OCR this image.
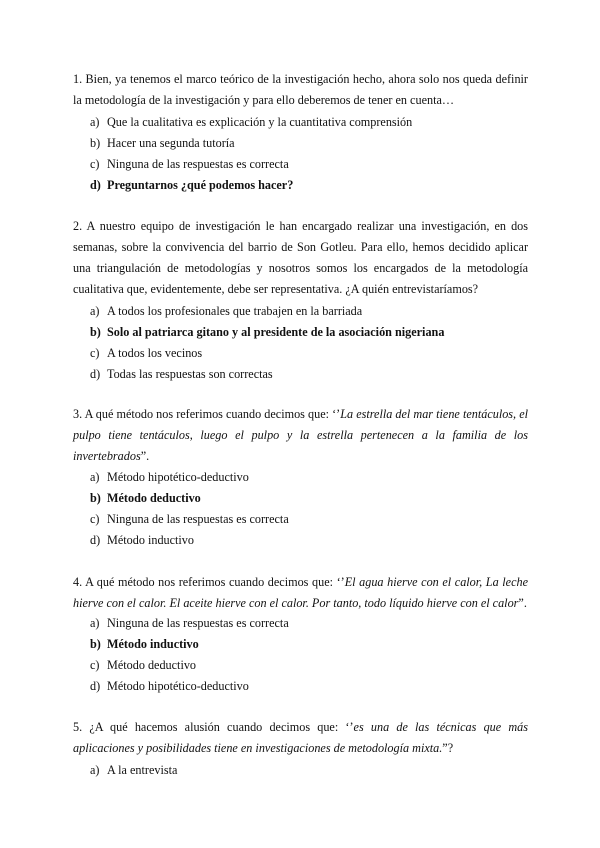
1. Bien, ya tenemos el marco teórico de la investigación hecho, ahora solo nos queda definir la metodología de la investigación y para ello deberemos de tener en cuenta…

a) Que la cualitativa es explicación y la cuantitativa comprensión
b) Hacer una segunda tutoría
c) Ninguna de las respuestas es correcta
d) Preguntarnos ¿qué podemos hacer?

2. A nuestro equipo de investigación le han encargado realizar una investigación, en dos semanas, sobre la convivencia del barrio de Son Gotleu. Para ello, hemos decidido aplicar una triangulación de metodologías y nosotros somos los encargados de la metodología cualitativa que, evidentemente, debe ser representativa. ¿A quién entrevistaríamos?

a) A todos los profesionales que trabajen en la barriada
b) Solo al patriarca gitano y al presidente de la asociación nigeriana
c) A todos los vecinos
d) Todas las respuestas son correctas

3. A qué método nos referimos cuando decimos que: ‘’La estrella del mar tiene tentáculos, el pulpo tiene tentáculos, luego el pulpo y la estrella pertenecen a la familia de los invertebrados”.

a) Método hipotético-deductivo
b) Método deductivo
c) Ninguna de las respuestas es correcta
d) Método inductivo

4. A qué método nos referimos cuando decimos que: ‘’El agua hierve con el calor, La leche hierve con el calor. El aceite hierve con el calor. Por tanto, todo líquido hierve con el calor”.

a) Ninguna de las respuestas es correcta
b) Método inductivo
c) Método deductivo
d) Método hipotético-deductivo

5. ¿A qué hacemos alusión cuando decimos que: ‘’es una de las técnicas que más aplicaciones y posibilidades tiene en investigaciones de metodología mixta.”?

a) A la entrevista
